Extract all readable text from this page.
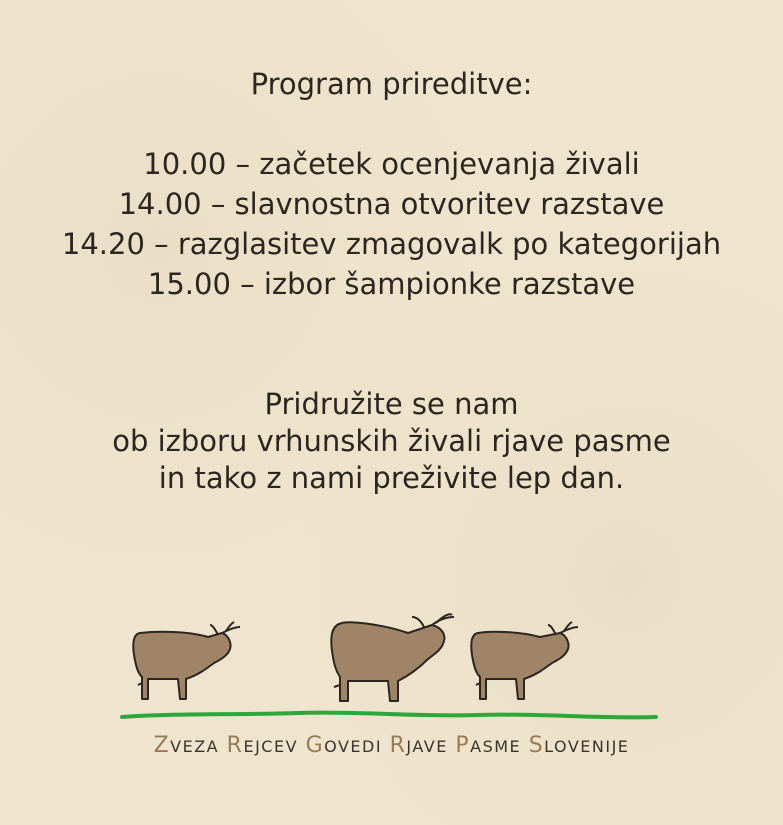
Program prireditve:
10.00 – začetek ocenjevanja živali
14.00 – slavnostna otvoritev razstave
14.20 – razglasitev zmagovalk po kategorijah
15.00 – izbor šampionke razstave
Pridružite se nam
ob izboru vrhunskih živali rjave pasme
in tako z nami preživite lep dan.
ZVEZA REJCEV GOVEDI RJAVE PASME SLOVENIJE
